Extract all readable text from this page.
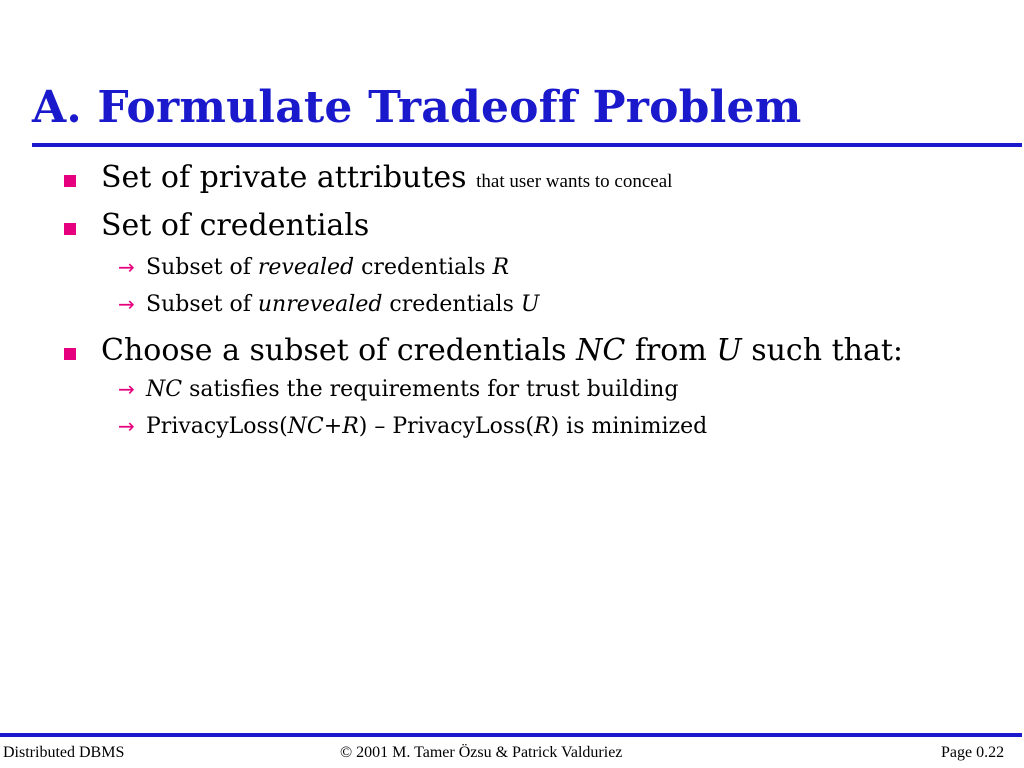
A. Formulate Tradeoff Problem
Set of private attributes that user wants to conceal
Set of credentials
→ Subset of revealed credentials R
→ Subset of unrevealed credentials U
Choose a subset of credentials NC from U such that:
→ NC satisfies the requirements for trust building
→ PrivacyLoss(NC+R) – PrivacyLoss(R) is minimized
Distributed DBMS	© 2001 M. Tamer Özsu & Patrick Valduriez	Page 0.22
